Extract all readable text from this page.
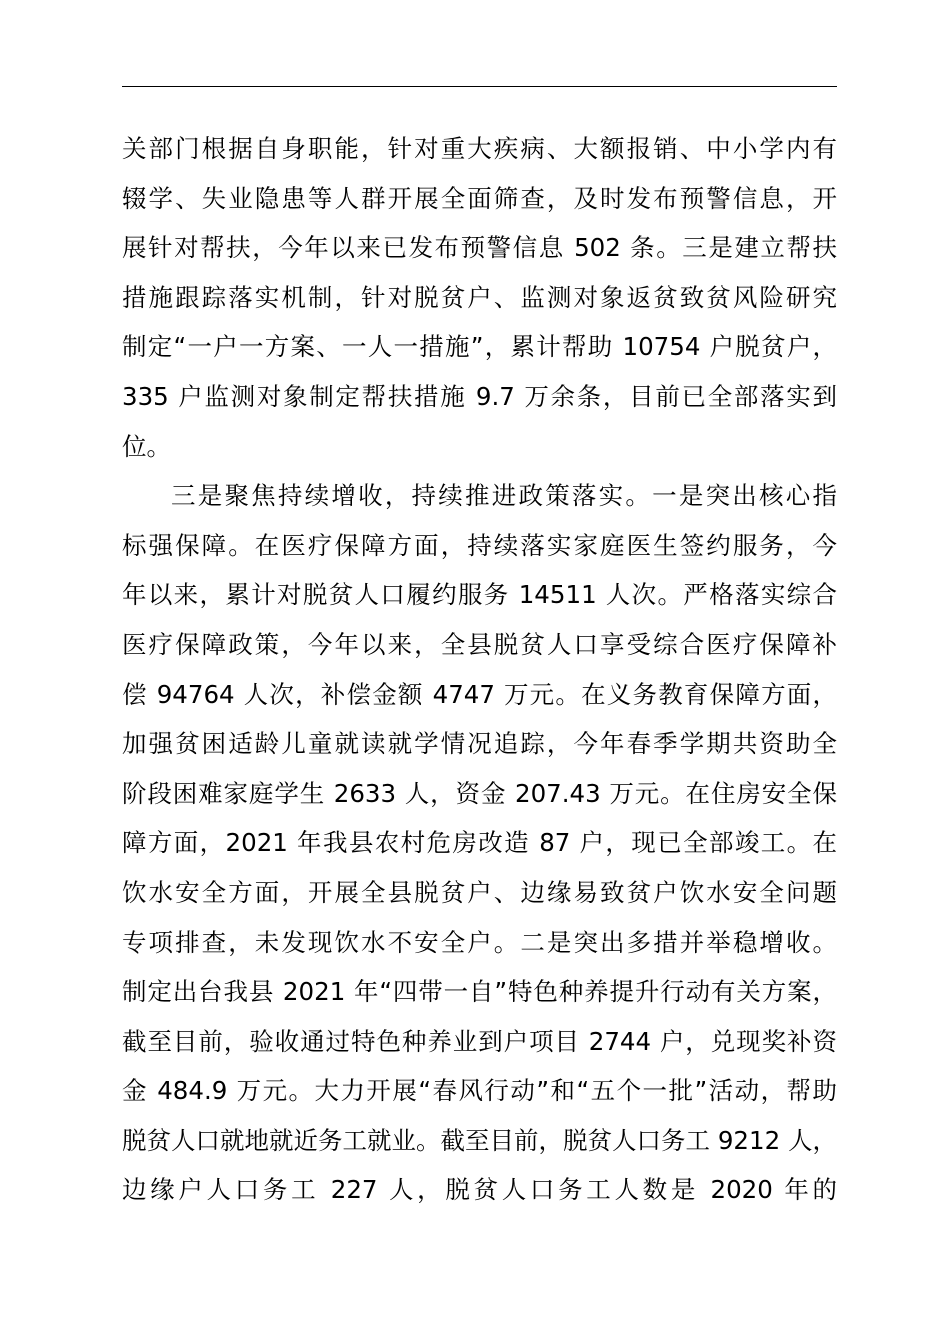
关部门根据自身职能，针对重大疾病、大额报销、中小学内有
辍学、失业隐患等人群开展全面筛查，及时发布预警信息，开
展针对帮扶，今年以来已发布预警信息 502 条。三是建立帮扶
措施跟踪落实机制，针对脱贫户、监测对象返贫致贫风险研究
制定“一户一方案、一人一措施”，累计帮助 10754 户脱贫户，
335 户监测对象制定帮扶措施 9.7 万余条，目前已全部落实到
位。
三是聚焦持续增收，持续推进政策落实。一是突出核心指
标强保障。在医疗保障方面，持续落实家庭医生签约服务，今
年以来，累计对脱贫人口履约服务 14511 人次。严格落实综合
医疗保障政策，今年以来，全县脱贫人口享受综合医疗保障补
偿 94764 人次，补偿金额 4747 万元。在义务教育保障方面，
加强贫困适龄儿童就读就学情况追踪，今年春季学期共资助全
阶段困难家庭学生 2633 人，资金 207.43 万元。在住房安全保
障方面，2021 年我县农村危房改造 87 户，现已全部竣工。在
饮水安全方面，开展全县脱贫户、边缘易致贫户饮水安全问题
专项排查，未发现饮水不安全户。二是突出多措并举稳增收。
制定出台我县 2021 年“四带一自”特色种养提升行动有关方案，
截至目前，验收通过特色种养业到户项目 2744 户，兑现奖补资
金 484.9 万元。大力开展“春风行动”和“五个一批”活动，帮助
脱贫人口就地就近务工就业。截至目前，脱贫人口务工 9212 人，
边缘户人口务工 227 人，脱贫人口务工人数是 2020 年的
